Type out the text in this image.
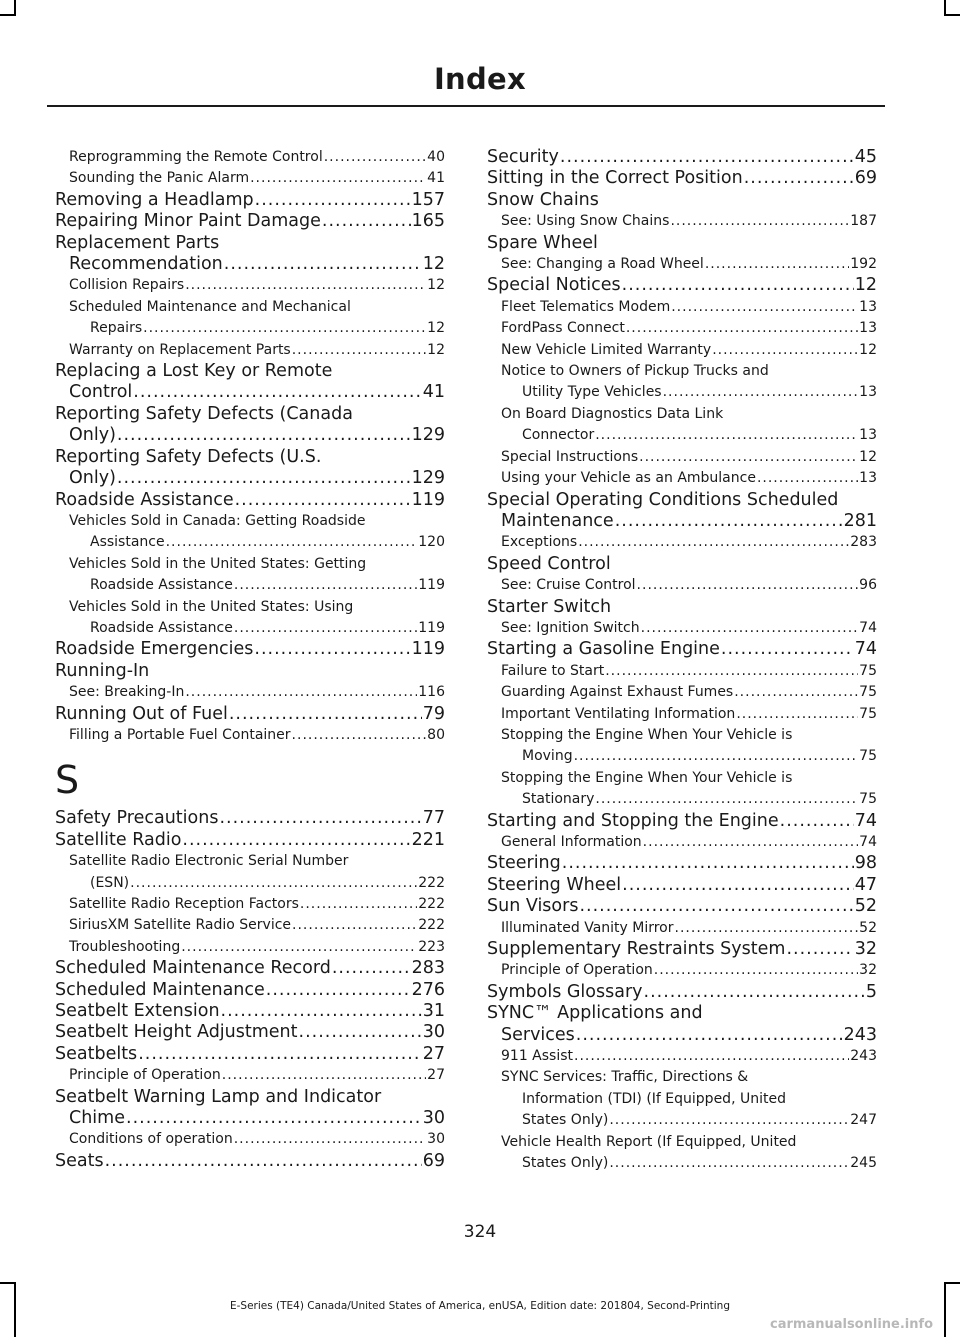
Index
Reprogramming the Remote Control .....	40
Sounding the Panic Alarm .....	41
Removing a Headlamp .....	157
Repairing Minor Paint Damage .....	165
Replacement Parts
Recommendation .....	12
Collision Repairs .....	12
Scheduled Maintenance and Mechanical
Repairs .....	12
Warranty on Replacement Parts .....	12
Replacing a Lost Key or Remote
Control .....	41
Reporting Safety Defects (Canada
Only) .....	129
Reporting Safety Defects (U.S.
Only) .....	129
Roadside Assistance .....	119
Vehicles Sold in Canada: Getting Roadside
Assistance .....	120
Vehicles Sold in the United States: Getting
Roadside Assistance .....	119
Vehicles Sold in the United States: Using
Roadside Assistance .....	119
Roadside Emergencies .....	119
Running-In
See: Breaking-In .....	116
Running Out of Fuel .....	79
Filling a Portable Fuel Container .....	80
S
Safety Precautions .....	77
Satellite Radio .....	221
Satellite Radio Electronic Serial Number
(ESN) .....	222
Satellite Radio Reception Factors .....	222
SiriusXM Satellite Radio Service .....	222
Troubleshooting .....	223
Scheduled Maintenance Record .....	283
Scheduled Maintenance .....	276
Seatbelt Extension .....	31
Seatbelt Height Adjustment .....	30
Seatbelts .....	27
Principle of Operation .....	27
Seatbelt Warning Lamp and Indicator
Chime .....	30
Conditions of operation .....	30
Seats .....	69
Security .....	45
Sitting in the Correct Position .....	69
Snow Chains
See: Using Snow Chains .....	187
Spare Wheel
See: Changing a Road Wheel .....	192
Special Notices .....	12
Fleet Telematics Modem .....	13
FordPass Connect .....	13
New Vehicle Limited Warranty .....	12
Notice to Owners of Pickup Trucks and
Utility Type Vehicles .....	13
On Board Diagnostics Data Link
Connector .....	13
Special Instructions .....	12
Using your Vehicle as an Ambulance .....	13
Special Operating Conditions Scheduled
Maintenance .....	281
Exceptions .....	283
Speed Control
See: Cruise Control .....	96
Starter Switch
See: Ignition Switch .....	74
Starting a Gasoline Engine .....	74
Failure to Start .....	75
Guarding Against Exhaust Fumes .....	75
Important Ventilating Information .....	75
Stopping the Engine When Your Vehicle is
Moving .....	75
Stopping the Engine When Your Vehicle is
Stationary .....	75
Starting and Stopping the Engine .....	74
General Information .....	74
Steering .....	98
Steering Wheel .....	47
Sun Visors .....	52
Illuminated Vanity Mirror .....	52
Supplementary Restraints System .....	32
Principle of Operation .....	32
Symbols Glossary .....	5
SYNC™ Applications and
Services .....	243
911 Assist .....	243
SYNC Services: Traffic, Directions &
Information (TDI) (If Equipped, United
States Only) .....	247
Vehicle Health Report (If Equipped, United
States Only) .....	245
324
E-Series (TE4) Canada/United States of America, enUSA, Edition date: 201804, Second-Printing
carmanualsonline.info
